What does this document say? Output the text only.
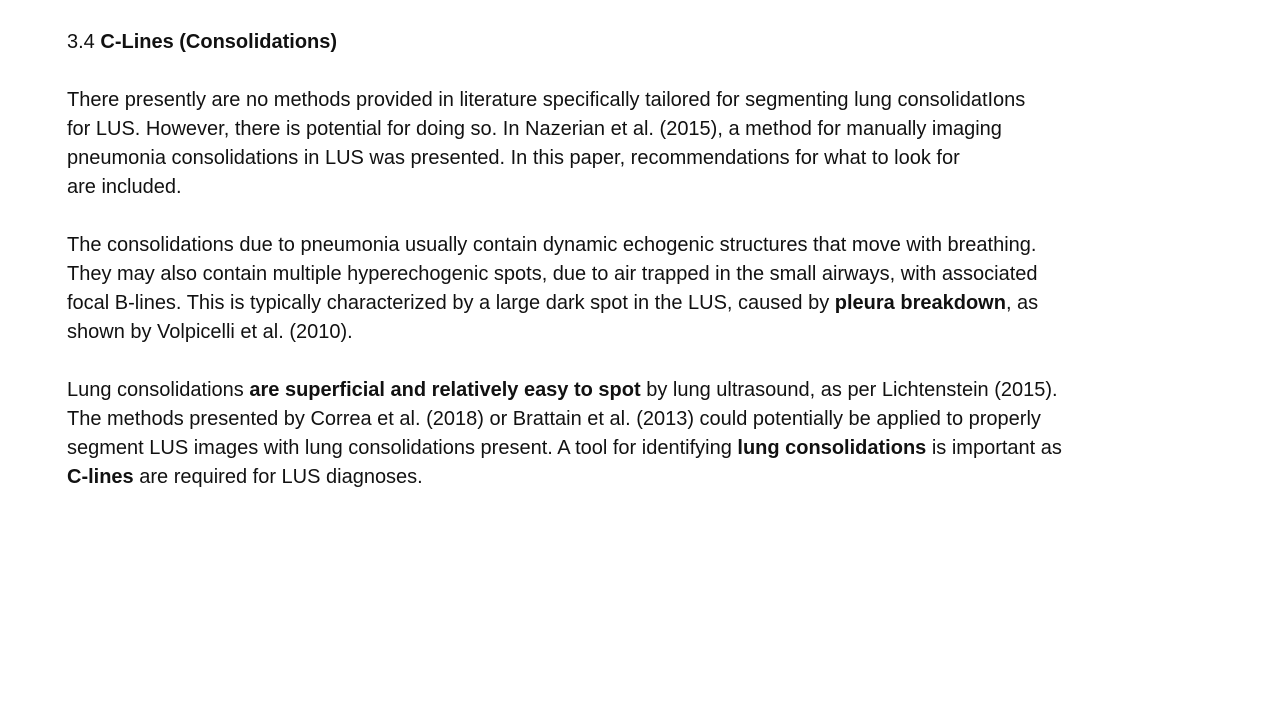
3.4 C-Lines (Consolidations)
There presently are no methods provided in literature specifically tailored for segmenting lung consolidatIons
for LUS. However, there is potential for doing so. In Nazerian et al. (2015), a method for manually imaging
pneumonia consolidations in LUS was presented. In this paper, recommendations for what to look for
are included.
The consolidations due to pneumonia usually contain dynamic echogenic structures that move with breathing.
They may also contain multiple hyperechogenic spots, due to air trapped in the small airways, with associated
focal B-lines. This is typically characterized by a large dark spot in the LUS, caused by pleura breakdown, as
shown by Volpicelli et al. (2010).
Lung consolidations are superficial and relatively easy to spot by lung ultrasound, as per Lichtenstein (2015).
The methods presented by Correa et al. (2018) or Brattain et al. (2013) could potentially be applied to properly
segment LUS images with lung consolidations present. A tool for identifying lung consolidations is important as
C-lines are required for LUS diagnoses.
